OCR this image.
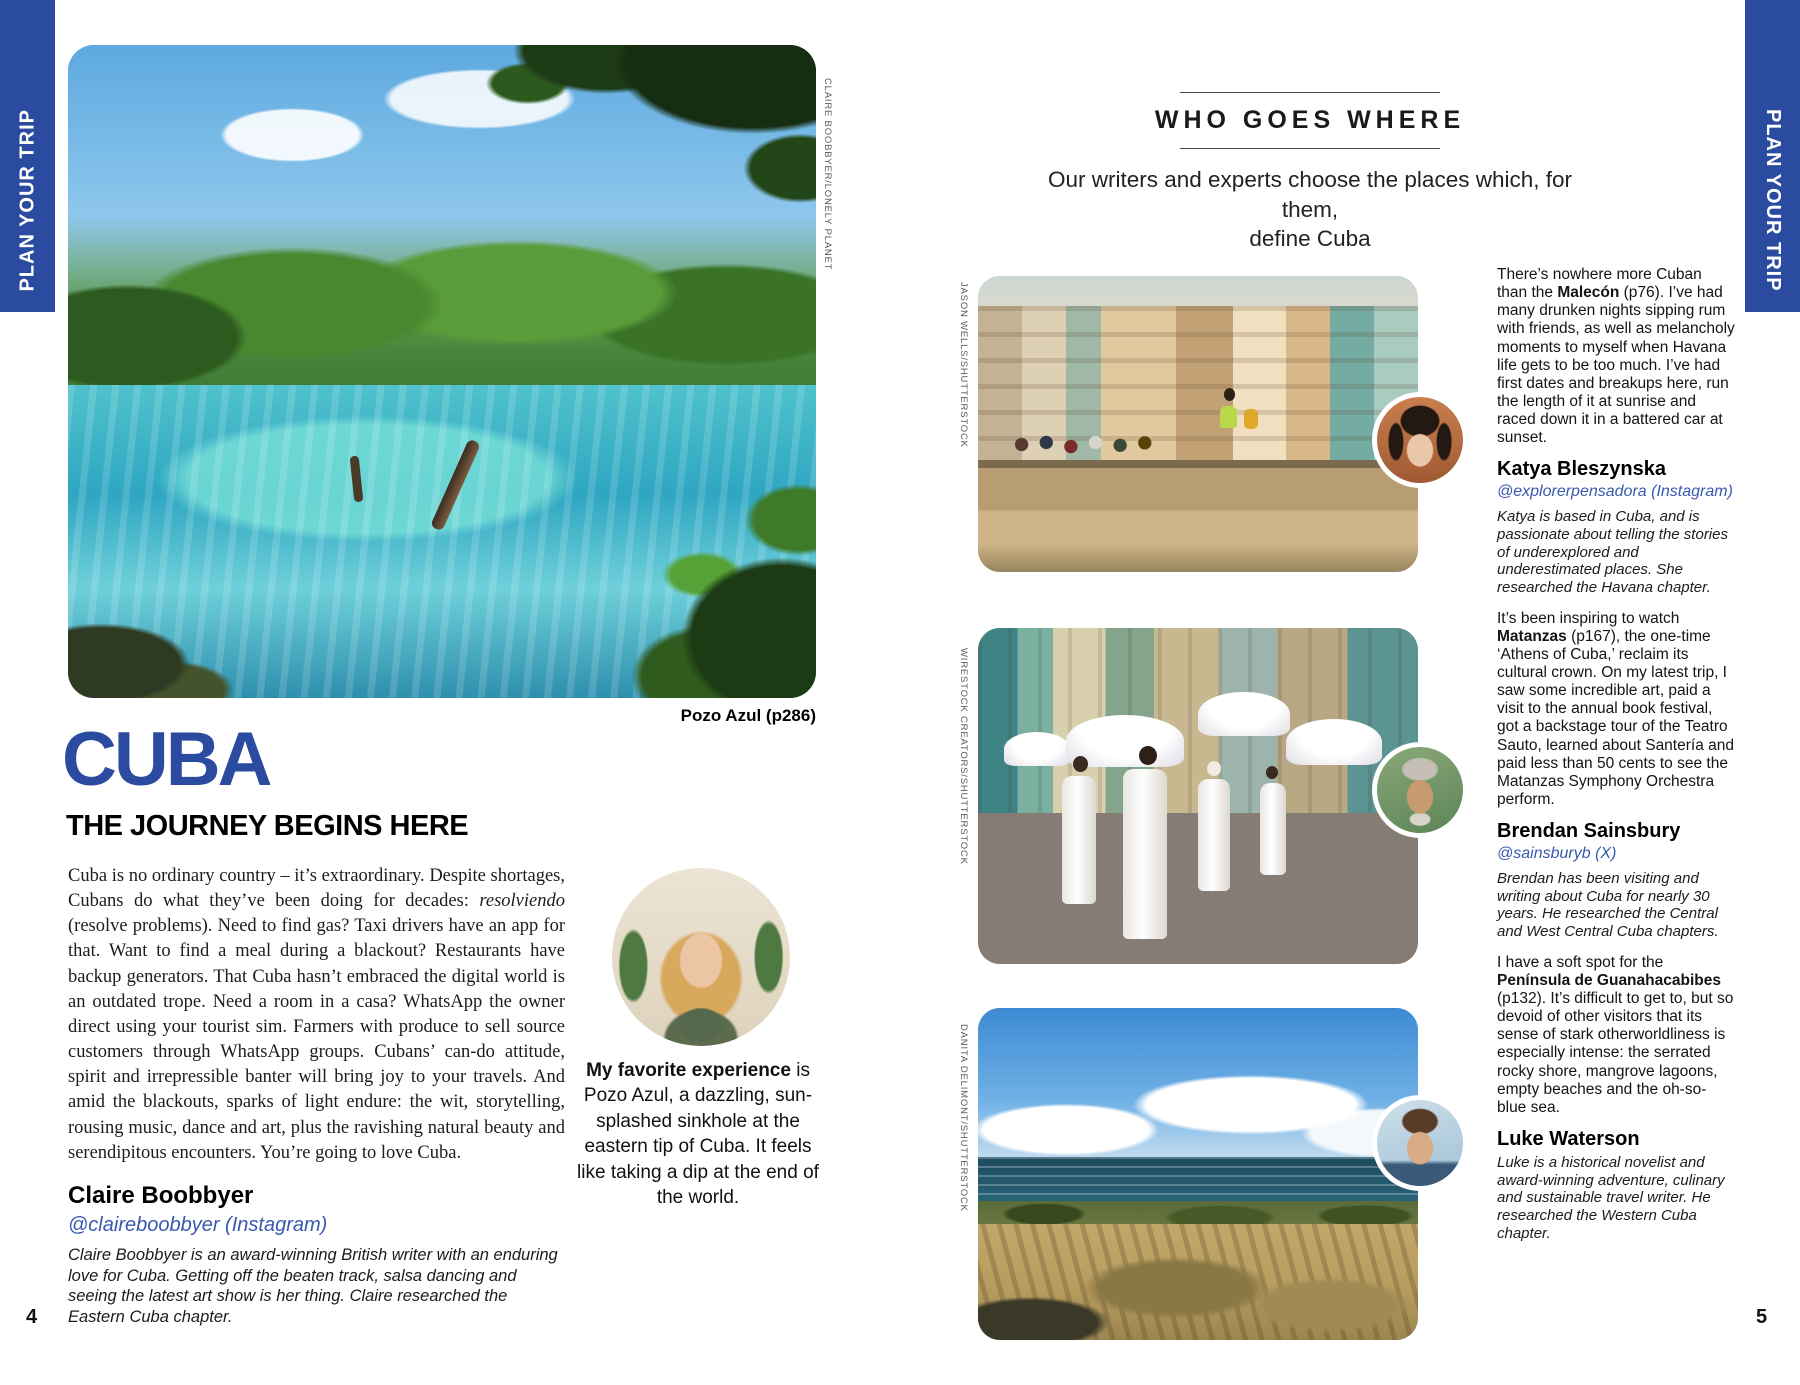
PLAN YOUR TRIP	PLAN YOUR TRIP
CLAIRE BOOBBYER/LONELY PLANET
Pozo Azul (p286)
CUBA
THE JOURNEY BEGINS HERE

Cuba is no ordinary country – it’s extraordinary. Despite shortages, Cubans do what they’ve been doing for decades: resolviendo (resolve problems). Need to find gas? Taxi drivers have an app for that. Want to find a meal during a blackout? Restaurants have backup generators. That Cuba hasn’t embraced the digital world is an outdated trope. Need a room in a casa? WhatsApp the owner direct using your tourist sim. Farmers with produce to sell source customers through WhatsApp groups. Cubans’ can-do attitude, spirit and irrepressible banter will bring joy to your travels. And amid the blackouts, sparks of light endure: the wit, storytelling, rousing music, dance and art, plus the ravishing natural beauty and serendipitous encounters. You’re going to love Cuba.

Claire Boobbyer
@claireboobbyer (Instagram)
Claire Boobbyer is an award-winning British writer with an enduring love for Cuba. Getting off the beaten track, salsa dancing and seeing the latest art show is her thing. Claire researched the Eastern Cuba chapter.
My favorite experience is Pozo Azul, a dazzling, sun-splashed sinkhole at the eastern tip of Cuba. It feels like taking a dip at the end of the world.
4
WHO GOES WHERE
Our writers and experts choose the places which, for them,
define Cuba
JASON WELLS/SHUTTERSTOCK
WIRESTOCK CREATORS/SHUTTERSTOCK
DANITA DELIMONT/SHUTTERSTOCK

There’s nowhere more Cuban than the Malecón (p76). I’ve had many drunken nights sipping rum with friends, as well as melancholy moments to myself when Havana life gets to be too much. I’ve had first dates and breakups here, run the length of it at sunrise and raced down it in a battered car at sunset.

Katya Bleszynska
@explorerpensadora (Instagram)
Katya is based in Cuba, and is passionate about telling the stories of underexplored and underestimated places. She researched the Havana chapter.

It’s been inspiring to watch Matanzas (p167), the one-time ‘Athens of Cuba,’ reclaim its cultural crown. On my latest trip, I saw some incredible art, paid a visit to the annual book festival, got a backstage tour of the Teatro Sauto, learned about Santería and paid less than 50 cents to see the Matanzas Symphony Orchestra perform.

Brendan Sainsbury
@sainsburyb (X)
Brendan has been visiting and writing about Cuba for nearly 30 years. He researched the Central and West Central Cuba chapters.

I have a soft spot for the Península de Guanahacabibes (p132). It’s difficult to get to, but so devoid of other visitors that its sense of stark otherworldliness is especially intense: the serrated rocky shore, mangrove lagoons, empty beaches and the oh-so-blue sea.

Luke Waterson
Luke is a historical novelist and award-winning adventure, culinary and sustainable travel writer. He researched the Western Cuba chapter.
5
